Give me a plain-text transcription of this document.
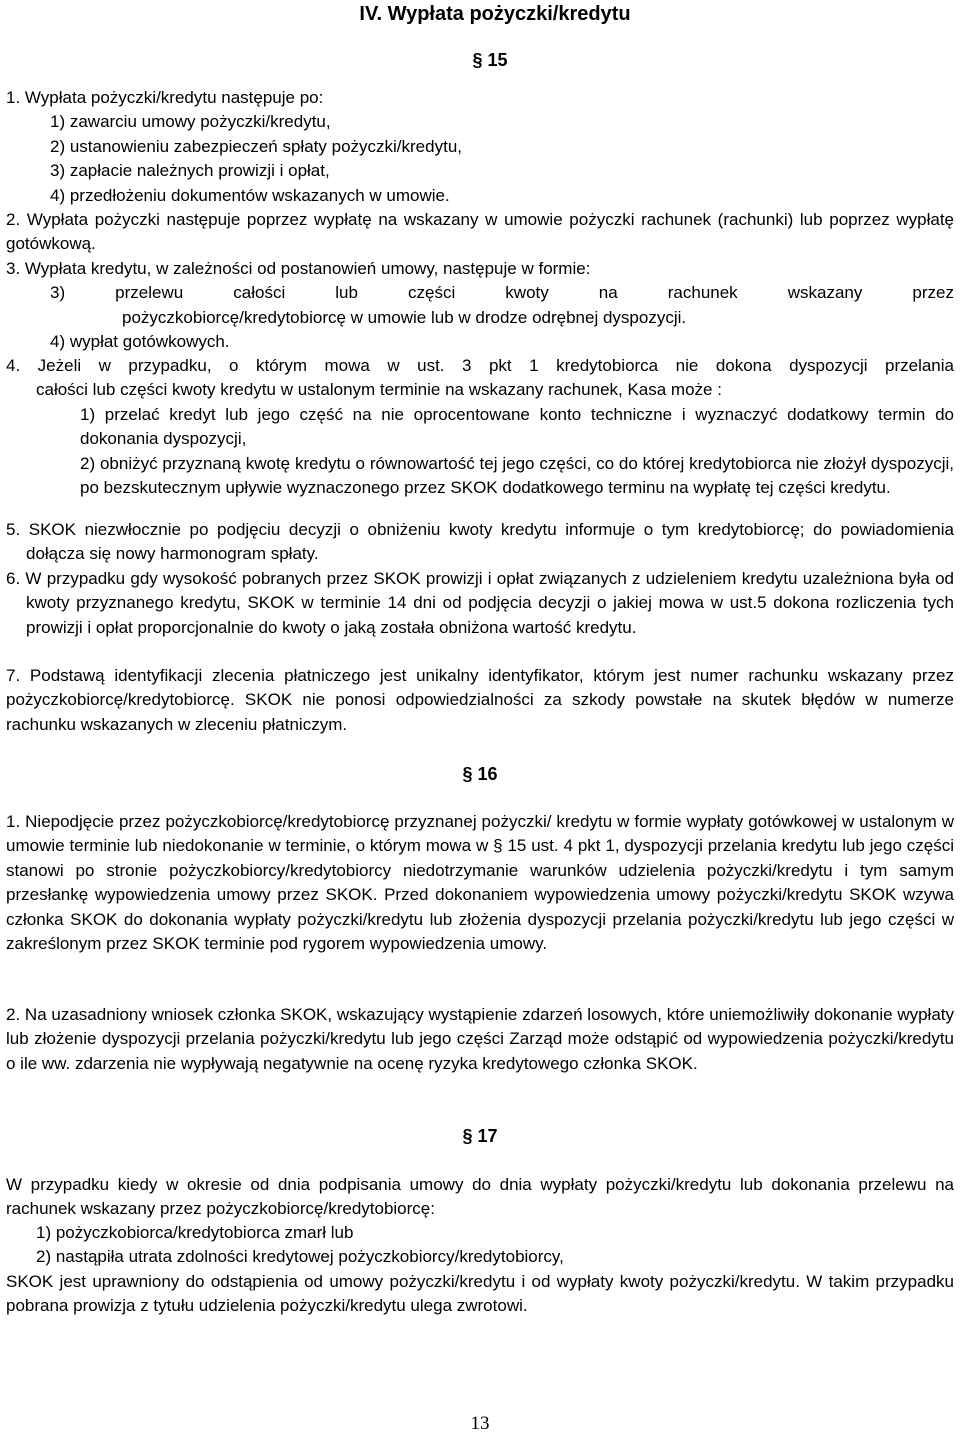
IV. Wypłata pożyczki/kredytu
§ 15
1. Wypłata pożyczki/kredytu następuje po:
1) zawarciu umowy pożyczki/kredytu,
2) ustanowieniu zabezpieczeń spłaty pożyczki/kredytu,
3) zapłacie należnych prowizji i opłat,
4) przedłożeniu dokumentów wskazanych w umowie.
2. Wypłata pożyczki następuje poprzez wypłatę na wskazany w umowie pożyczki rachunek (rachunki) lub poprzez wypłatę gotówkową.
3. Wypłata kredytu, w zależności od postanowień umowy, następuje w formie:
3) przelewu całości lub części kwoty na rachunek wskazany przez
pożyczkobiorcę/kredytobiorcę w umowie lub w drodze odrębnej dyspozycji.
4) wypłat gotówkowych.
4. Jeżeli w przypadku, o którym mowa w ust. 3 pkt 1 kredytobiorca nie dokona dyspozycji przelania
całości lub części kwoty kredytu w ustalonym terminie na wskazany rachunek, Kasa może :
1) przelać kredyt lub jego część na nie oprocentowane konto techniczne i wyznaczyć dodatkowy termin do dokonania dyspozycji,
2) obniżyć przyznaną kwotę kredytu o równowartość tej jego części, co do której kredytobiorca nie złożył dyspozycji, po bezskutecznym upływie wyznaczonego przez SKOK dodatkowego terminu na wypłatę tej części kredytu.
5. SKOK niezwłocznie po podjęciu decyzji o obniżeniu kwoty kredytu informuje o tym kredytobiorcę; do powiadomienia dołącza się nowy harmonogram spłaty.
6. W przypadku gdy wysokość pobranych przez SKOK prowizji i opłat związanych z udzieleniem kredytu uzależniona była od kwoty przyznanego kredytu, SKOK w terminie 14 dni od podjęcia decyzji o jakiej mowa w ust.5 dokona rozliczenia tych prowizji i opłat proporcjonalnie do kwoty o jaką została obniżona wartość kredytu.
7. Podstawą identyfikacji zlecenia płatniczego jest unikalny identyfikator, którym jest numer rachunku wskazany przez pożyczkobiorcę/kredytobiorcę. SKOK nie ponosi odpowiedzialności za szkody powstałe na skutek błędów w numerze rachunku wskazanych w zleceniu płatniczym.
§ 16
1. Niepodjęcie przez pożyczkobiorcę/kredytobiorcę przyznanej pożyczki/ kredytu w formie wypłaty gotówkowej w ustalonym w umowie terminie lub niedokonanie w terminie, o którym mowa w § 15 ust. 4 pkt 1, dyspozycji przelania kredytu lub jego części stanowi po stronie pożyczkobiorcy/kredytobiorcy niedotrzymanie warunków udzielenia pożyczki/kredytu i tym samym przesłankę wypowiedzenia umowy przez SKOK. Przed dokonaniem wypowiedzenia umowy pożyczki/kredytu SKOK wzywa członka SKOK do dokonania wypłaty pożyczki/kredytu lub złożenia dyspozycji przelania pożyczki/kredytu lub jego części w zakreślonym przez SKOK terminie pod rygorem wypowiedzenia umowy.
2. Na uzasadniony wniosek członka SKOK, wskazujący wystąpienie zdarzeń losowych, które uniemożliwiły dokonanie wypłaty lub złożenie dyspozycji przelania pożyczki/kredytu lub jego części Zarząd może odstąpić od wypowiedzenia pożyczki/kredytu o ile ww. zdarzenia nie wypływają negatywnie na ocenę ryzyka kredytowego członka SKOK.
§ 17
W przypadku kiedy w okresie od dnia podpisania umowy do dnia wypłaty pożyczki/kredytu lub dokonania przelewu na rachunek wskazany przez pożyczkobiorcę/kredytobiorcę:
1) pożyczkobiorca/kredytobiorca zmarł lub
2) nastąpiła utrata zdolności kredytowej pożyczkobiorcy/kredytobiorcy,
SKOK jest uprawniony do odstąpienia od umowy pożyczki/kredytu i od wypłaty kwoty pożyczki/kredytu. W takim przypadku pobrana prowizja z tytułu udzielenia pożyczki/kredytu ulega zwrotowi.
13
